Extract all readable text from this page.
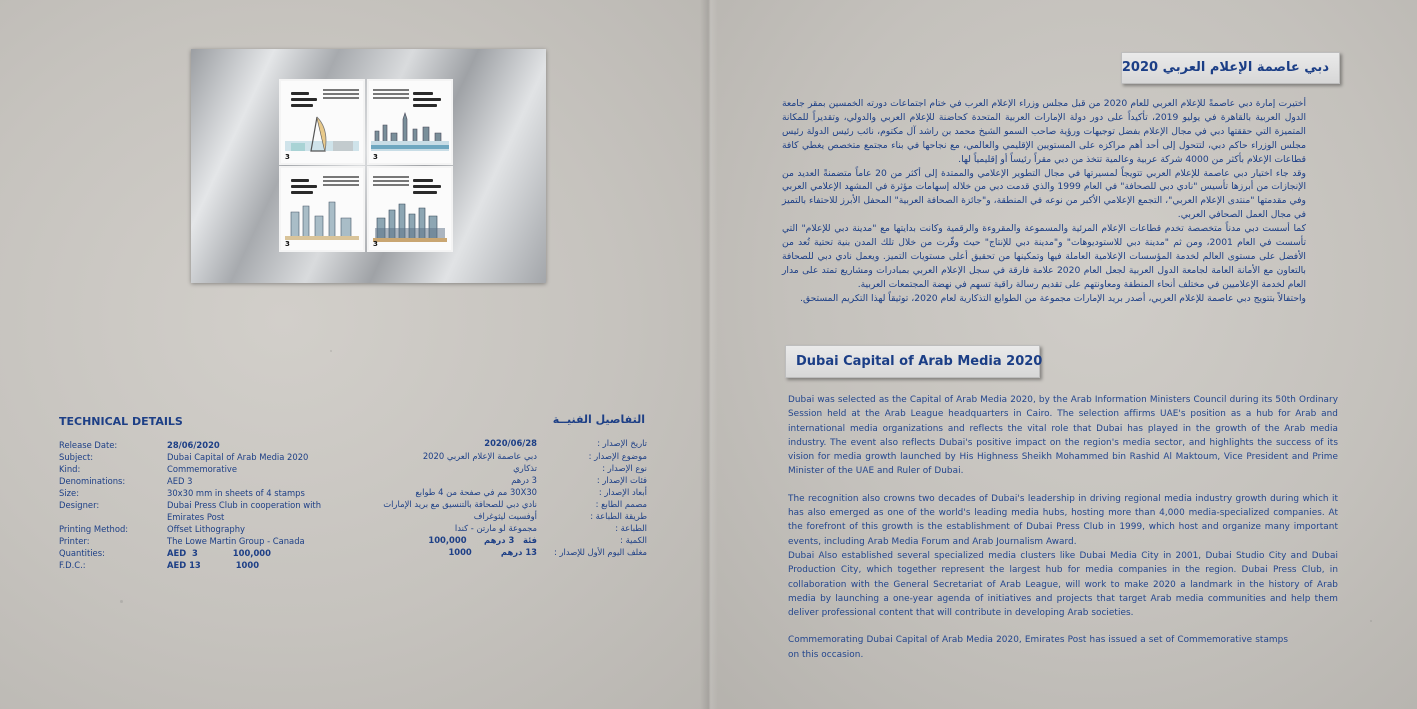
3	3
3	3
دبي عاصمة الإعلام العربي 2020

أختيرت إمارة دبي عاصمةً للإعلام العربي للعام 2020 من قبل مجلس وزراء الإعلام العرب في ختام اجتماعات دورته الخمسين بمقر جامعة الدول العربية بالقاهرة في يوليو 2019، تأكيداً على دور دولة الإمارات العربية المتحدة كحاضنة للإعلام العربي والدولي، وتقديراً للمكانة المتميزة التي حققتها دبي في مجال الإعلام بفضل توجيهات ورؤية صاحب السمو الشيخ محمد بن راشد آل مكتوم، نائب رئيس الدولة رئيس مجلس الوزراء حاكم دبي، لتتحول إلى أحد أهم مراكزه على المستويين الإقليمي والعالمي، مع نجاحها في بناء مجتمع متخصص يغطي كافة قطاعات الإعلام بأكثر من 4000 شركة عربية وعالمية تتخذ من دبي مقراً رئيساً أو إقليمياً لها.

وقد جاء اختيار دبي عاصمة للإعلام العربي تتويجاً لمسيرتها في مجال التطوير الإعلامي والممتدة إلى أكثر من 20 عاماً متضمنةً العديد من الإنجازات من أبرزها تأسيس "نادي دبي للصحافة" في العام 1999 والذي قدمت دبي من خلاله إسهامات مؤثرة في المشهد الإعلامي العربي وفي مقدمتها "منتدى الإعلام العربي"، التجمع الإعلامي الأكبر من نوعه في المنطقة، و"جائزة الصحافة العربية" المحفل الأبرز للاحتفاء بالتميز في مجال العمل الصحافي العربي.

كما أسست دبي مدناً متخصصة تخدم قطاعات الإعلام المرئية والمسموعة والمقروءة والرقمية وكانت بدايتها مع "مدينة دبي للإعلام" التي تأسست في العام 2001، ومن ثم "مدينة دبي للاستوديوهات" و"مدينة دبي للإنتاج" حيث وفّرت من خلال تلك المدن بنية تحتية تُعد من الأفضل على مستوى العالم لخدمة المؤسسات الإعلامية العاملة فيها وتمكينها من تحقيق أعلى مستويات التميز. ويعمل نادي دبي للصحافة بالتعاون مع الأمانة العامة لجامعة الدول العربية لجعل العام 2020 علامة فارقة في سجل الإعلام العربي بمبادرات ومشاريع تمتد على مدار العام لخدمة الإعلاميين في مختلف أنحاء المنطقة ومعاونتهم على تقديم رسالة راقية تسهم في نهضة المجتمعات العربية.

واحتفالاً بتتويج دبي عاصمة للإعلام العربي، أصدر بريد الإمارات مجموعة من الطوابع التذكارية لعام 2020، توثيقاً لهذا التكريم المستحق.

Dubai Capital of Arab Media 2020

Dubai was selected as the Capital of Arab Media 2020, by the Arab Information Ministers Council during its 50th Ordinary Session held at the Arab League headquarters in Cairo. The selection affirms UAE's position as a hub for Arab and international media organizations and reflects the vital role that Dubai has played in the growth of the Arab media industry. The event also reflects Dubai's positive impact on the region's media sector, and highlights the success of its vision for media growth launched by His Highness Sheikh Mohammed bin Rashid Al Maktoum, Vice President and Prime Minister of the UAE and Ruler of Dubai.

The recognition also crowns two decades of Dubai's leadership in driving regional media industry growth during which it has also emerged as one of the world's leading media hubs, hosting more than 4,000 media-specialized companies. At the forefront of this growth is the establishment of Dubai Press Club in 1999, which host and organize many important events, including Arab Media Forum and Arab Journalism Award.

Dubai Also established several specialized media clusters like Dubai Media City in 2001, Dubai Studio City and Dubai Production City, which together represent the largest hub for media companies in the region. Dubai Press Club, in collaboration with the General Secretariat of Arab League, will work to make 2020 a landmark in the history of Arab media by launching a one-year agenda of initiatives and projects that target Arab media communities and help them deliver professional content that will contribute in developing Arab societies.

Commemorating Dubai Capital of Arab Media 2020, Emirates Post has issued a set of Commemorative stamps on this occasion.

TECHNICAL DETAILS
Release Date:	28/06/2020
Subject:	Dubai Capital of Arab Media 2020
Kind:	Commemorative
Denominations:	AED 3
Size:	30x30 mm in sheets of 4 stamps
Designer:	Dubai Press Club in cooperation with
Emirates Post
Printing Method:	Offset Lithography
Printer:	The Lowe Martin Group - Canada
Quantities:	AED  3            100,000
F.D.C.:	AED 13            1000
التفاصيل الفنيــة
تاريخ الإصدار :
2020/06/28
موضوع الإصدار :
دبي عاصمة الإعلام العربي 2020
نوع الإصدار :
تذكاري
فئات الإصدار :
3 درهم
أبعاد الإصدار :
30X30 مم في صفحة من 4 طوابع
مصمم الطابع :
نادي دبي للصحافة بالتنسيق مع بريد الإمارات
طريقة الطباعة :
أوفسيت ليثوغراف
الطباعة :
مجموعة لو مارتن - كندا
الكمية :
فئة   3 درهم      100,000
مغلف اليوم الأول للإصدار :
13 درهم          1000
